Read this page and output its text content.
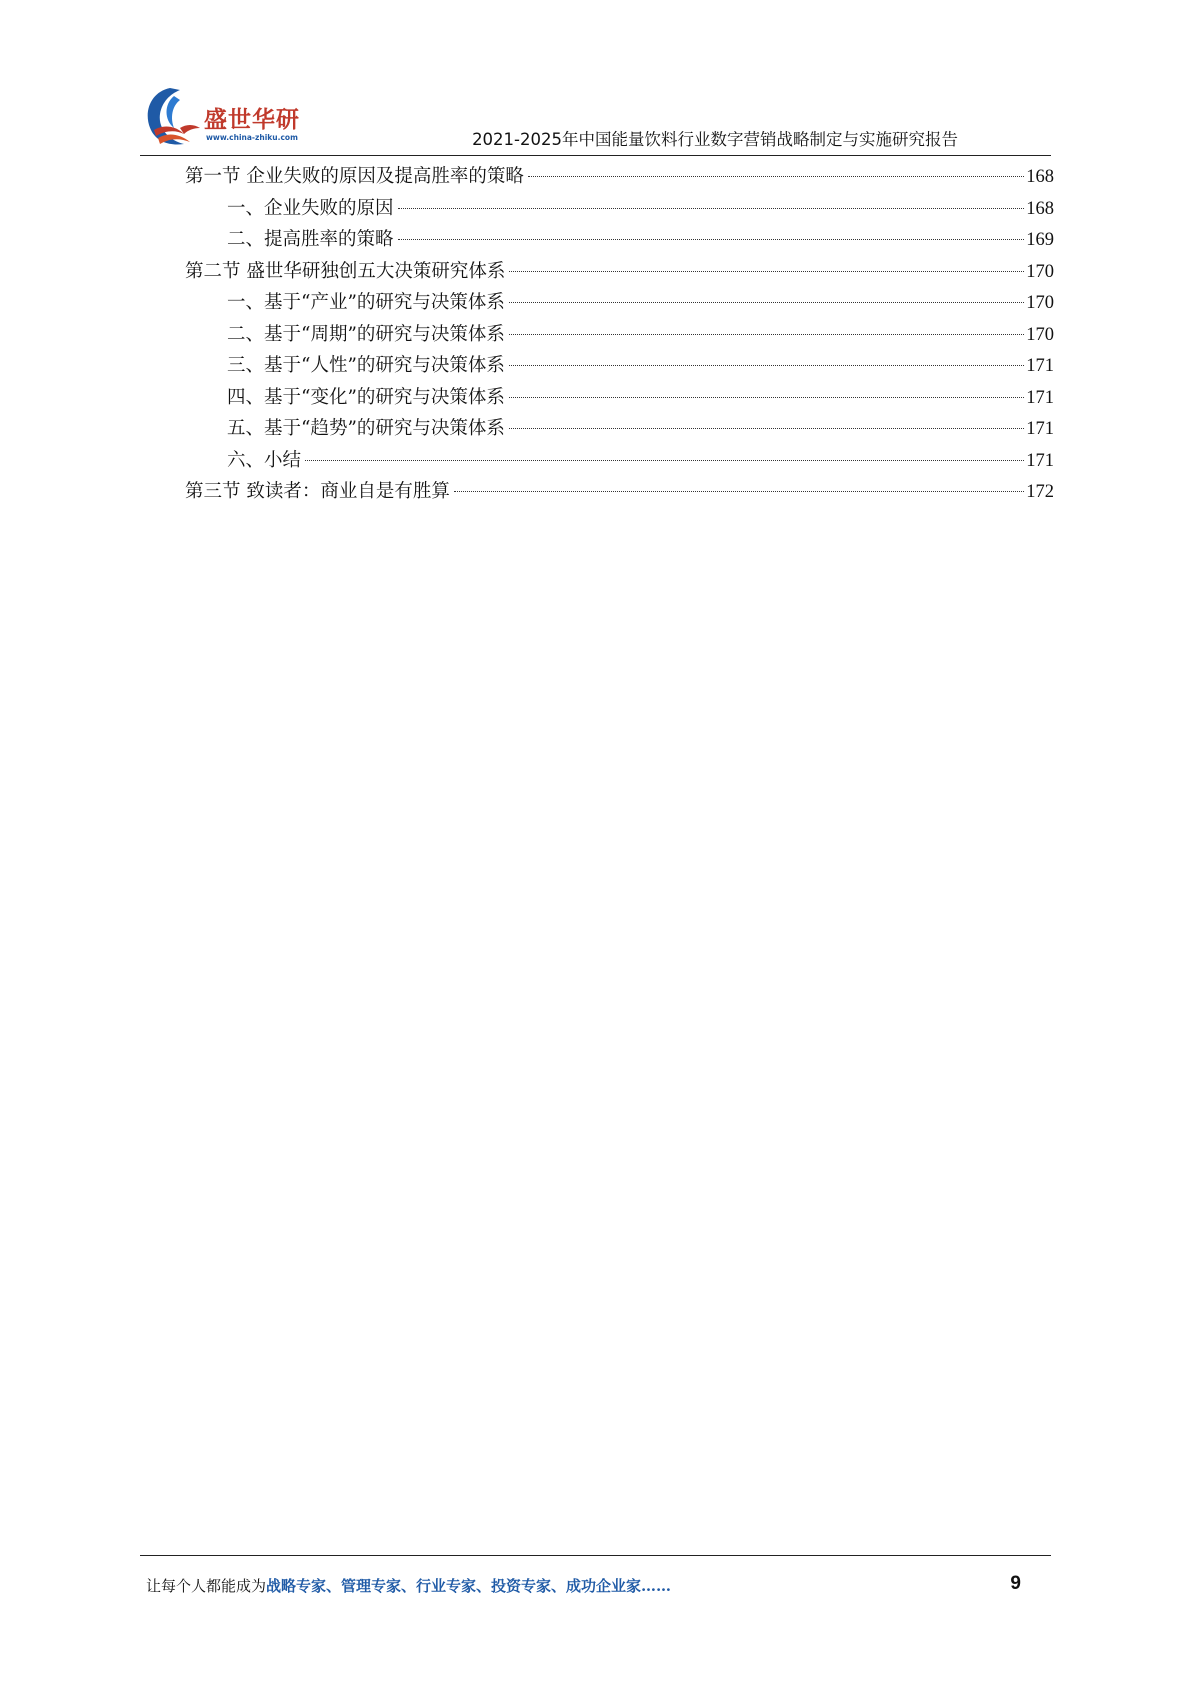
盛世华研
www.china-zhiku.com	2021-2025年中国能量饮料行业数字营销战略制定与实施研究报告
第一节 企业失败的原因及提高胜率的策略	168
一、企业失败的原因	168
二、提高胜率的策略	169
第二节 盛世华研独创五大决策研究体系	170
一、基于“产业”的研究与决策体系	170
二、基于“周期”的研究与决策体系	170
三、基于“人性”的研究与决策体系	171
四、基于“变化”的研究与决策体系	171
五、基于“趋势”的研究与决策体系	171
六、小结	171
第三节 致读者：商业自是有胜算	172
让每个人都能成为战略专家、管理专家、行业专家、投资专家、成功企业家……	9
